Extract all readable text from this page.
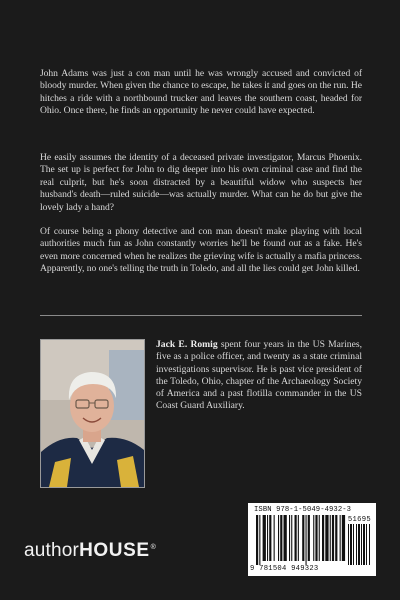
John Adams was just a con man until he was wrongly accused and convicted of bloody murder. When given the chance to escape, he takes it and goes on the run. He hitches a ride with a northbound trucker and leaves the southern coast, headed for Ohio. Once there, he finds an opportunity he never could have expected.

He easily assumes the identity of a deceased private investigator, Marcus Phoenix. The set up is perfect for John to dig deeper into his own criminal case and find the real culprit, but he's soon distracted by a beautiful widow who suspects her husband's death—ruled suicide—was actually murder. What can he do but give the lovely lady a hand?

Of course being a phony detective and con man doesn't make playing with local authorities much fun as John constantly worries he'll be found out as a fake. He's even more concerned when he realizes the grieving wife is actually a mafia princess. Apparently, no one's telling the truth in Toledo, and all the lies could get John killed.

Jack E. Romig spent four years in the US Marines, five as a police officer, and twenty as a state criminal investigations supervisor. He is past vice president of the Toledo, Ohio, chapter of the Archaeology Society of America and a past flotilla commander in the US Coast Guard Auxiliary.

authorHOUSE®
ISBN 978-1-5049-4932-3
51695
9 781504 949323
